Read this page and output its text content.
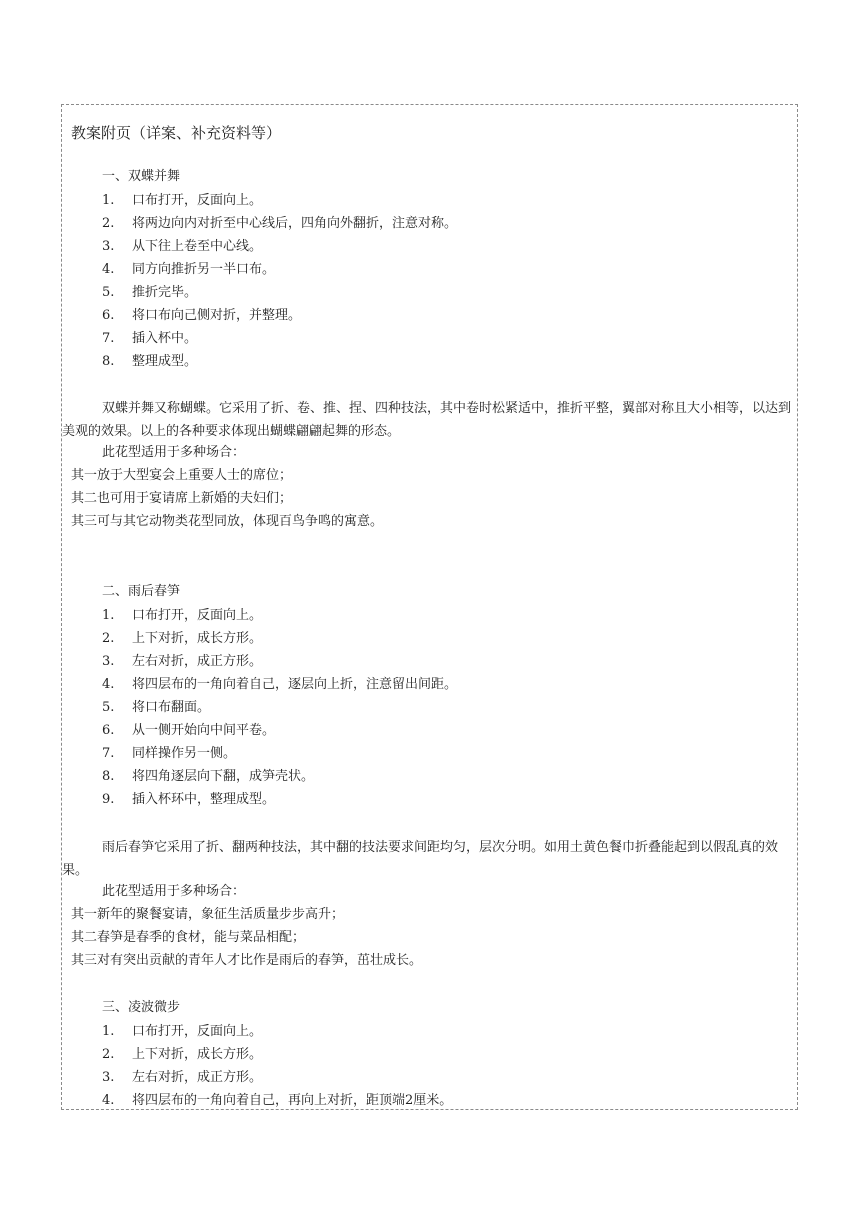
教案附页（详案、补充资料等）
一、双蝶并舞
1. 口布打开，反面向上。
2. 将两边向内对折至中心线后，四角向外翻折，注意对称。
3. 从下往上卷至中心线。
4. 同方向推折另一半口布。
5. 推折完毕。
6. 将口布向己侧对折，并整理。
7. 插入杯中。
8. 整理成型。
双蝶并舞又称蝴蝶。它采用了折、卷、推、捏、四种技法，其中卷时松紧适中，推折平整，翼部对称且大小相等，以达到美观的效果。以上的各种要求体现出蝴蝶翩翩起舞的形态。
此花型适用于多种场合：
其一放于大型宴会上重要人士的席位；
其二也可用于宴请席上新婚的夫妇们；
其三可与其它动物类花型同放，体现百鸟争鸣的寓意。
二、雨后春笋
1. 口布打开，反面向上。
2. 上下对折，成长方形。
3. 左右对折，成正方形。
4. 将四层布的一角向着自己，逐层向上折，注意留出间距。
5. 将口布翻面。
6. 从一侧开始向中间平卷。
7. 同样操作另一侧。
8. 将四角逐层向下翻，成笋壳状。
9. 插入杯环中，整理成型。
雨后春笋它采用了折、翻两种技法，其中翻的技法要求间距均匀，层次分明。如用土黄色餐巾折叠能起到以假乱真的效果。
此花型适用于多种场合：
其一新年的聚餐宴请，象征生活质量步步高升；
其二春笋是春季的食材，能与菜品相配；
其三对有突出贡献的青年人才比作是雨后的春笋，茁壮成长。
三、凌波微步
1. 口布打开，反面向上。
2. 上下对折，成长方形。
3. 左右对折，成正方形。
4. 将四层布的一角向着自己，再向上对折，距顶端2厘米。
